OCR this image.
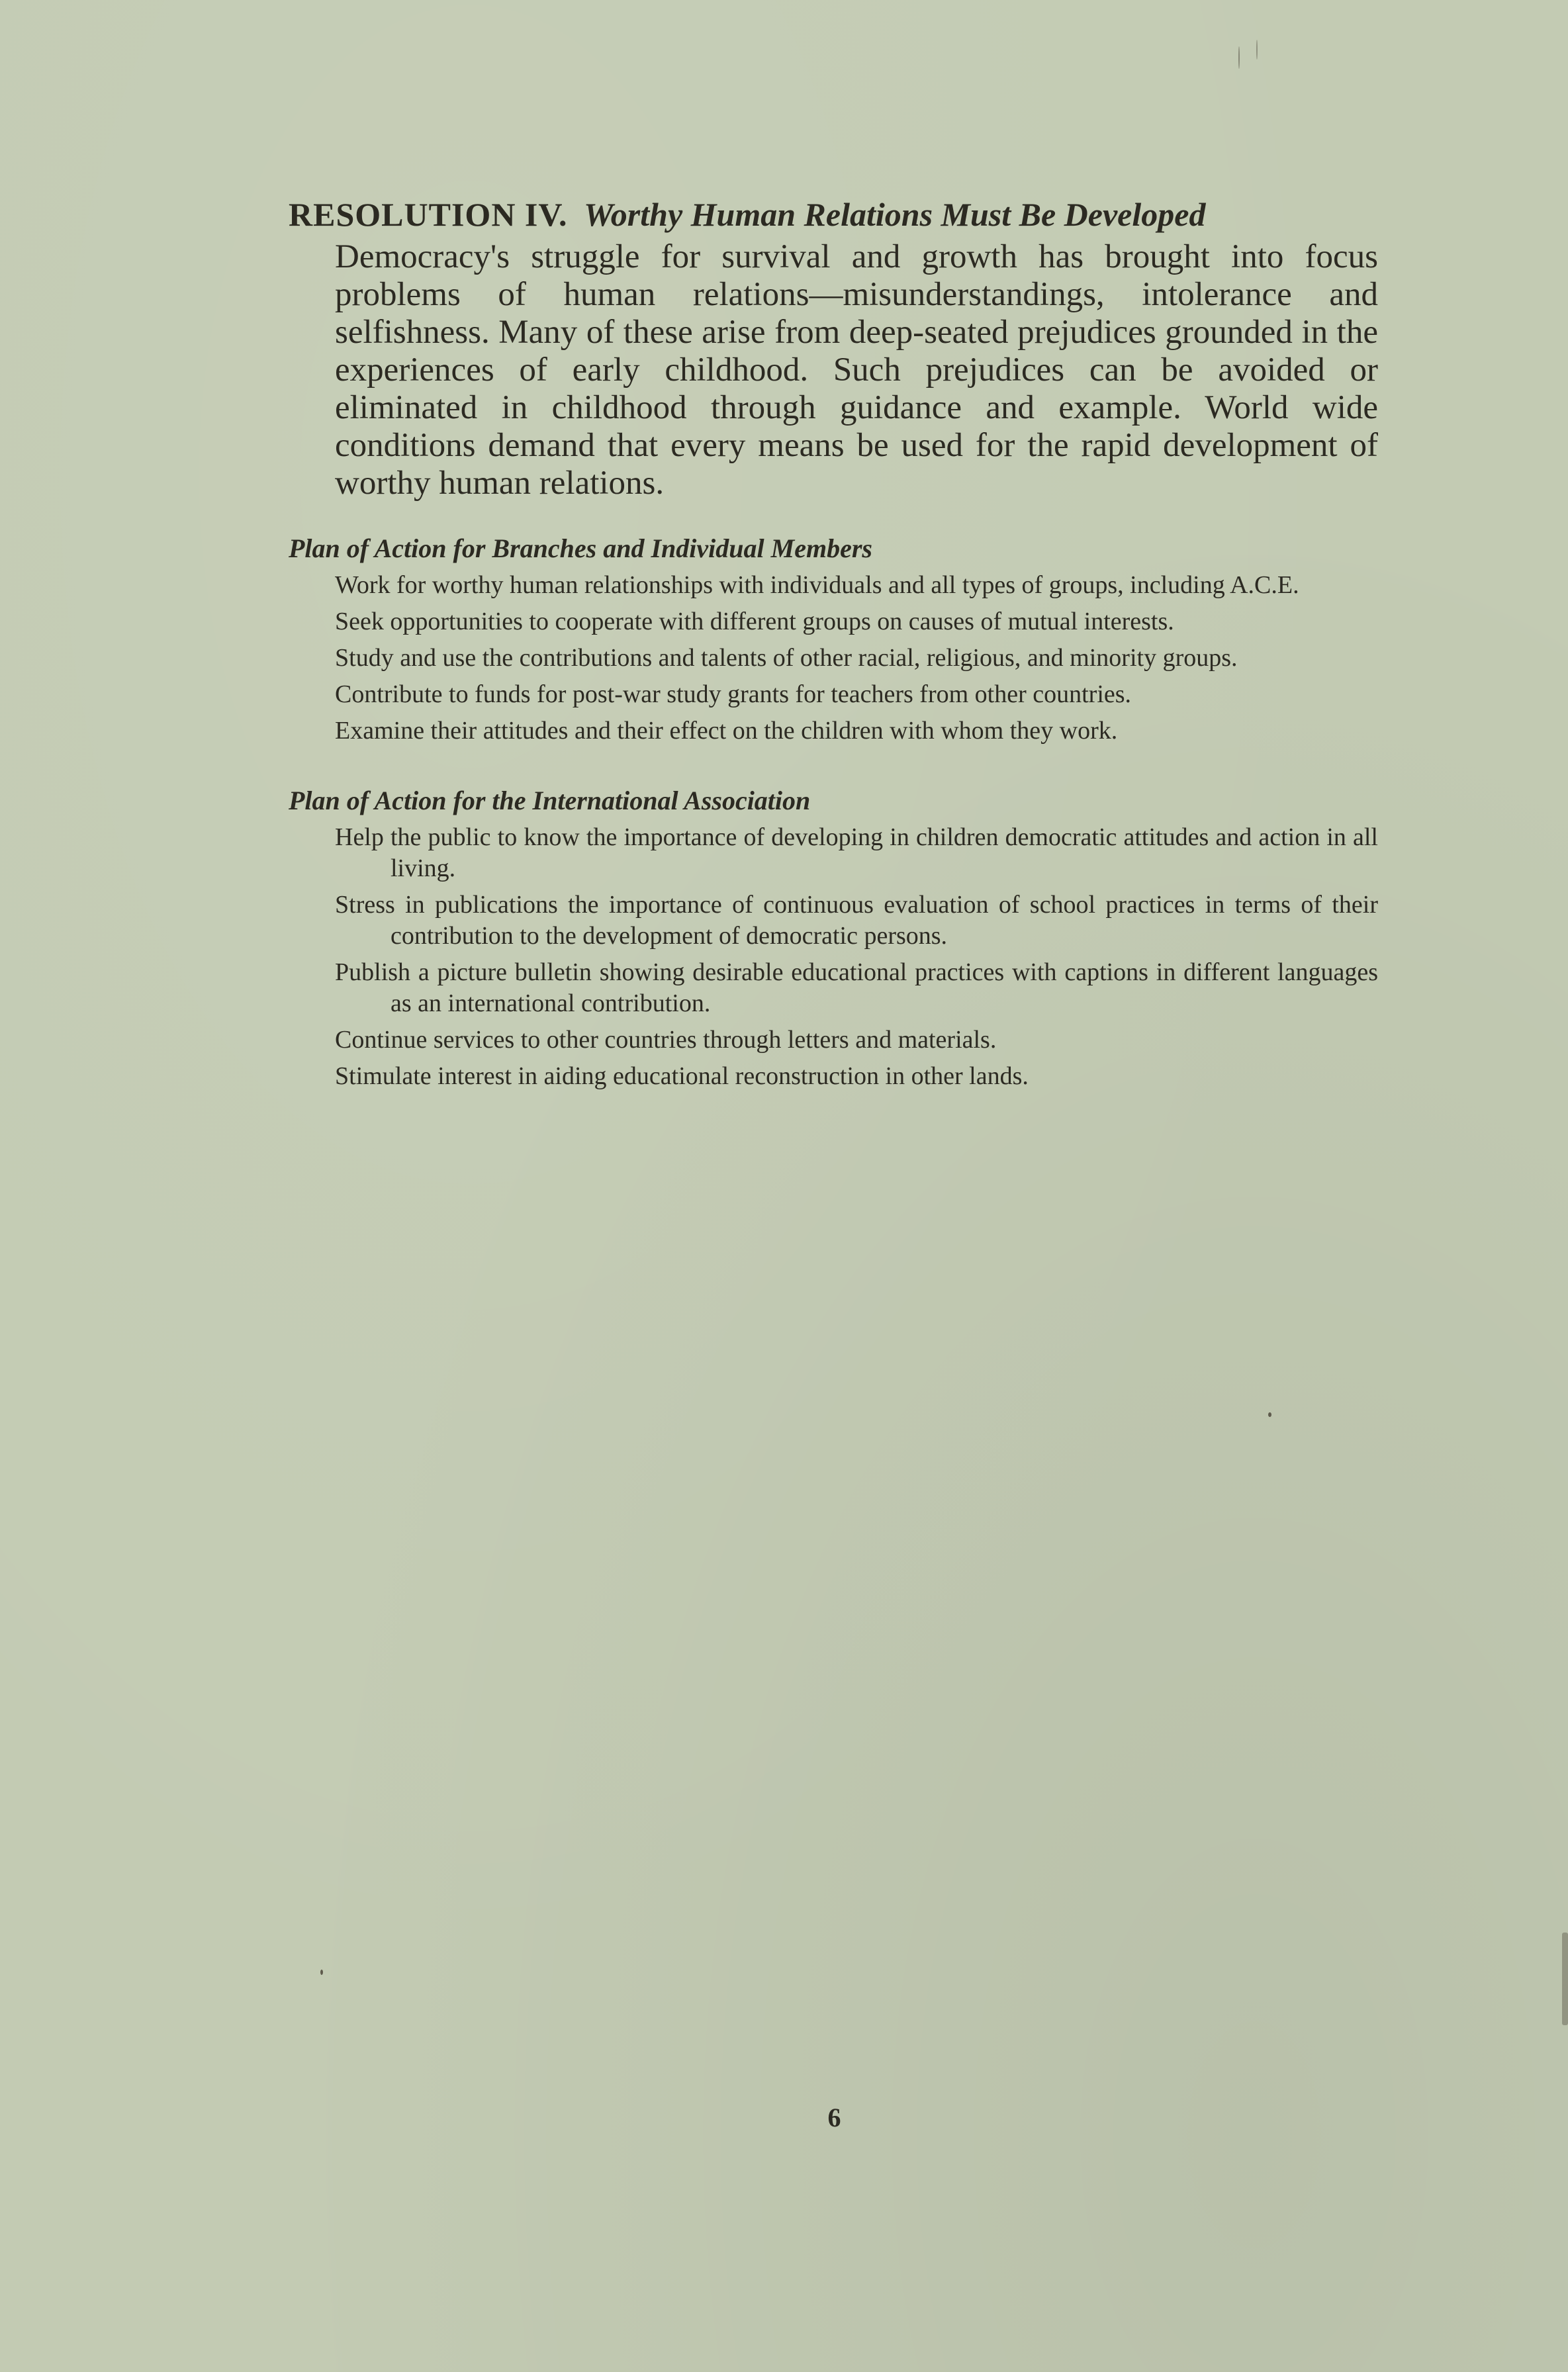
RESOLUTION IV. Worthy Human Relations Must Be Developed

Democracy's struggle for survival and growth has brought into focus problems of human relations—misunderstandings, intolerance and selfishness. Many of these arise from deep-seated prejudices grounded in the experiences of early childhood. Such prejudices can be avoided or eliminated in childhood through guidance and example. World wide conditions demand that every means be used for the rapid development of worthy human relations.

Plan of Action for Branches and Individual Members
Work for worthy human relationships with individuals and all types of groups, including A.C.E.
Seek opportunities to cooperate with different groups on causes of mutual interests.
Study and use the contributions and talents of other racial, religious, and minority groups.
Contribute to funds for post-war study grants for teachers from other countries.
Examine their attitudes and their effect on the children with whom they work.
Plan of Action for the International Association
Help the public to know the importance of developing in children democratic attitudes and action in all living.
Stress in publications the importance of continuous evaluation of school practices in terms of their contribution to the development of democratic persons.
Publish a picture bulletin showing desirable educational practices with captions in different languages as an international contribution.
Continue services to other countries through letters and materials.
Stimulate interest in aiding educational reconstruction in other lands.
6
